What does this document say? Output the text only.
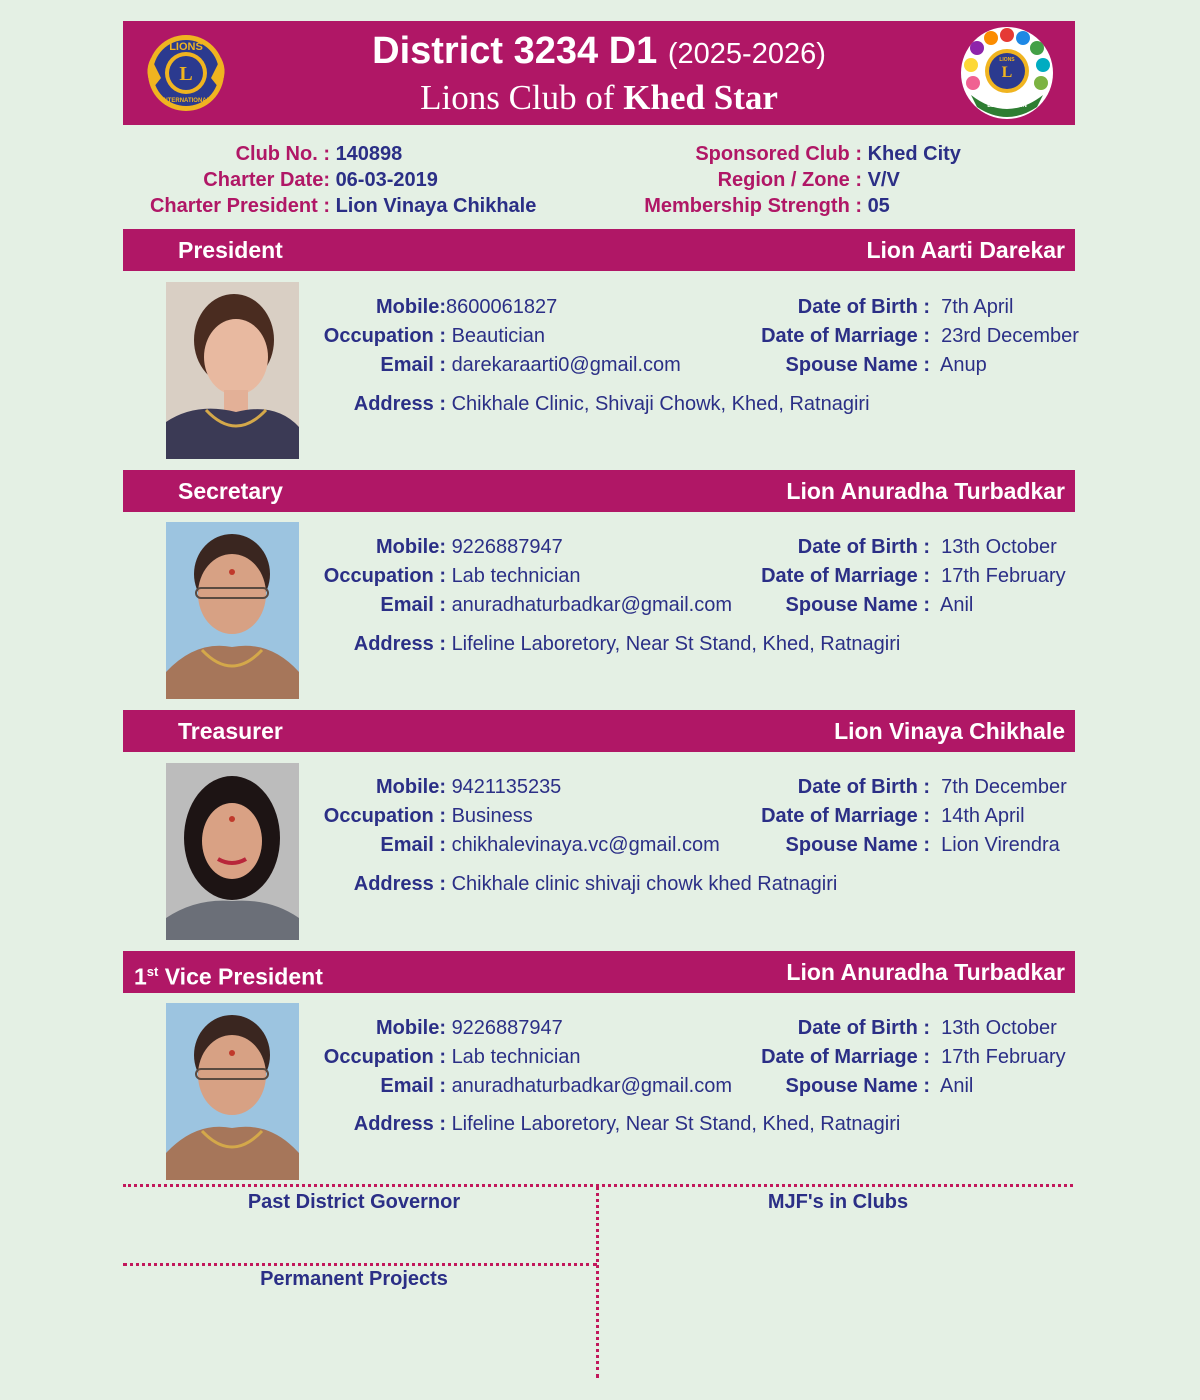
LIONS
L
INTERNATIONAL
District 3234 D1 (2025-2026)
Lions Club of Khed Star
L
LIONS
LEAD TO WIN
Club No. : 140898
Charter Date: 06-03-2019
Charter President : Lion Vinaya Chikhale
Sponsored Club : Khed City
Region / Zone : V/V
Membership Strength : 05
President	Lion Aarti Darekar
Mobile:8600061827
Occupation : Beautician
Email : darekaraarti0@gmail.com
Date of Birth : 7th April
Date of Marriage : 23rd December
Spouse Name : Anup
Address : Chikhale Clinic, Shivaji Chowk, Khed, Ratnagiri
Secretary	Lion Anuradha Turbadkar
Mobile: 9226887947
Occupation : Lab technician
Email : anuradhaturbadkar@gmail.com
Date of Birth : 13th October
Date of Marriage : 17th February
Spouse Name : Anil
Address : Lifeline Laboretory, Near St Stand, Khed, Ratnagiri
Treasurer	Lion Vinaya Chikhale
Mobile: 9421135235
Occupation : Business
Email : chikhalevinaya.vc@gmail.com
Date of Birth : 7th December
Date of Marriage : 14th April
Spouse Name : Lion Virendra
Address : Chikhale clinic shivaji chowk khed Ratnagiri
1st Vice President	Lion Anuradha Turbadkar
Mobile: 9226887947
Occupation : Lab technician
Email : anuradhaturbadkar@gmail.com
Date of Birth : 13th October
Date of Marriage : 17th February
Spouse Name : Anil
Address : Lifeline Laboretory, Near St Stand, Khed, Ratnagiri
Past District Governor	MJF's in Clubs
Permanent Projects
